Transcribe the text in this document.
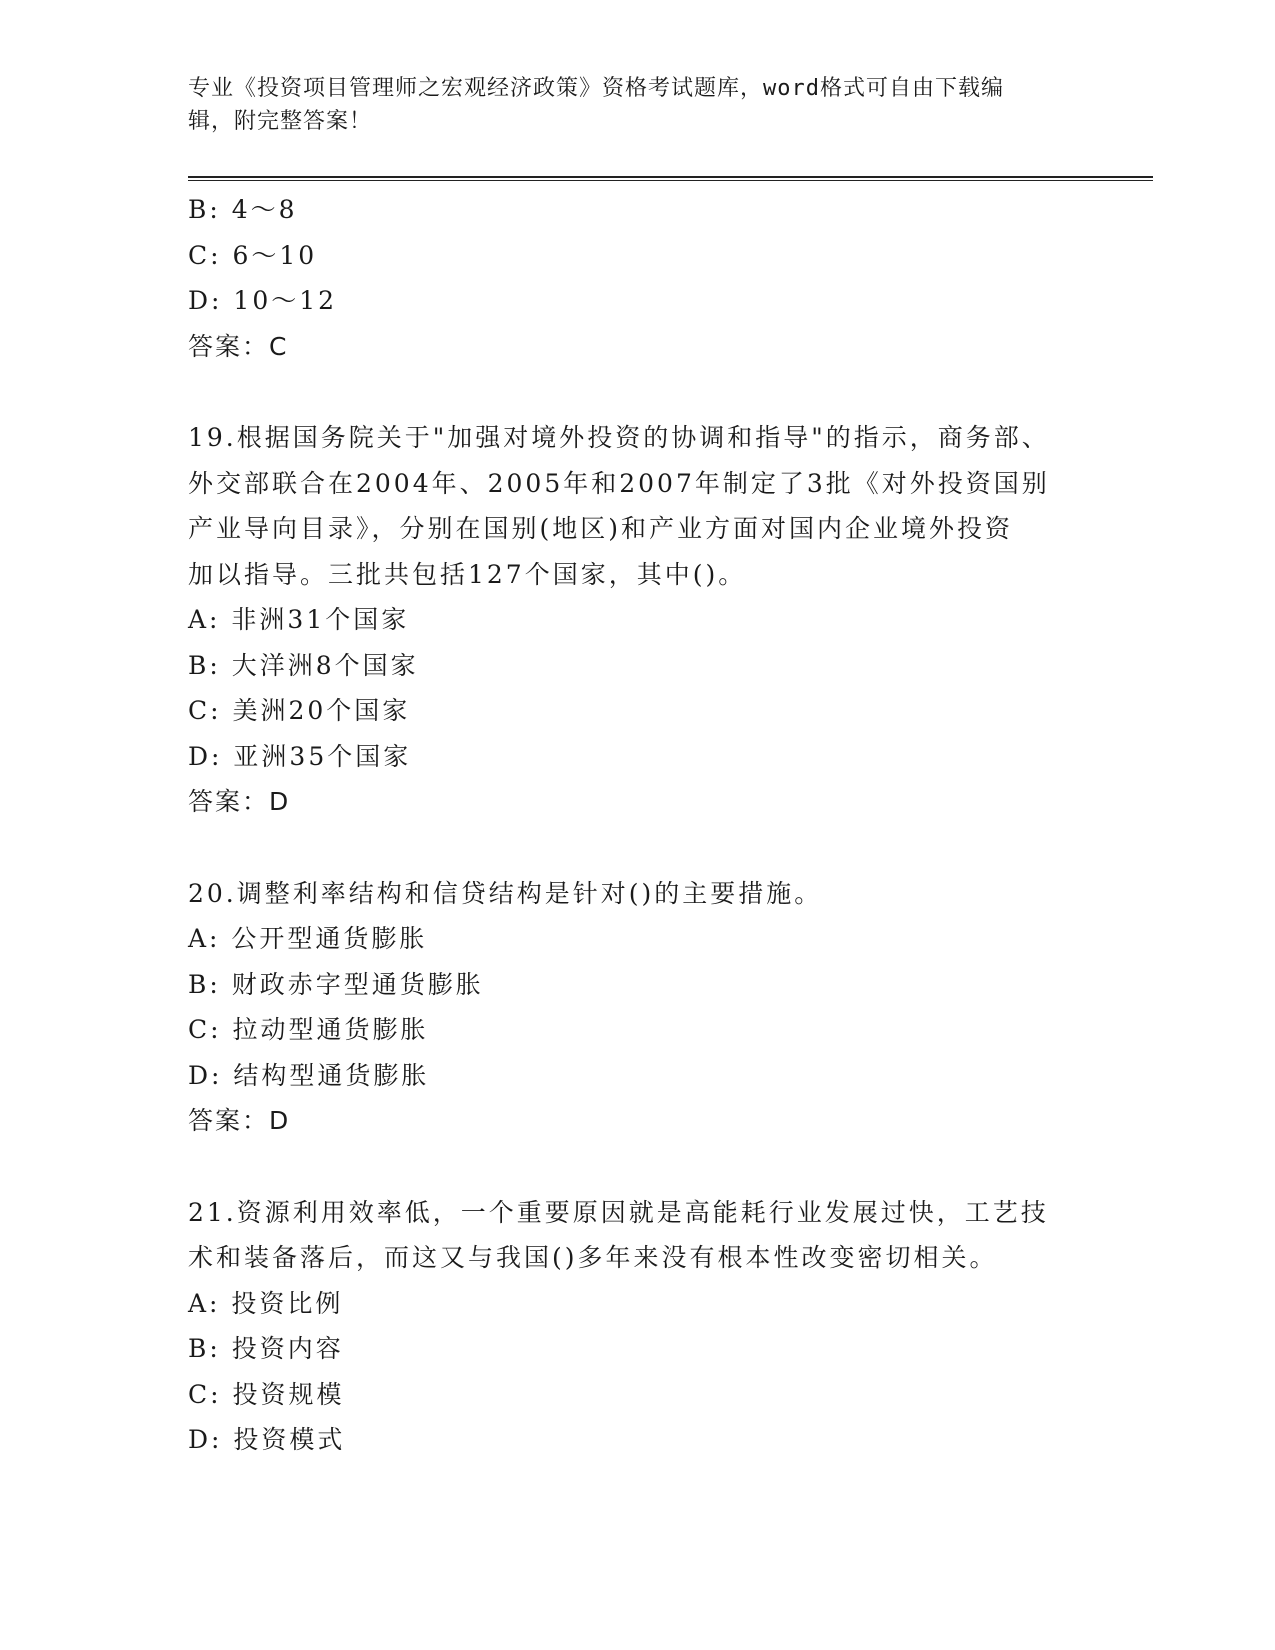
专业《投资项目管理师之宏观经济政策》资格考试题库，word格式可自由下载编
辑，附完整答案！
B: 4～8
C: 6～10
D: 10～12
答案：C
19.根据国务院关于"加强对境外投资的协调和指导"的指示，商务部、
外交部联合在2004年、2005年和2007年制定了3批《对外投资国别
产业导向目录》，分别在国别(地区)和产业方面对国内企业境外投资
加以指导。三批共包括127个国家，其中()。
A: 非洲31个国家
B: 大洋洲8个国家
C: 美洲20个国家
D: 亚洲35个国家
答案：D
20.调整利率结构和信贷结构是针对()的主要措施。
A: 公开型通货膨胀
B: 财政赤字型通货膨胀
C: 拉动型通货膨胀
D: 结构型通货膨胀
答案：D
21.资源利用效率低，一个重要原因就是高能耗行业发展过快，工艺技
术和装备落后，而这又与我国()多年来没有根本性改变密切相关。
A: 投资比例
B: 投资内容
C: 投资规模
D: 投资模式
